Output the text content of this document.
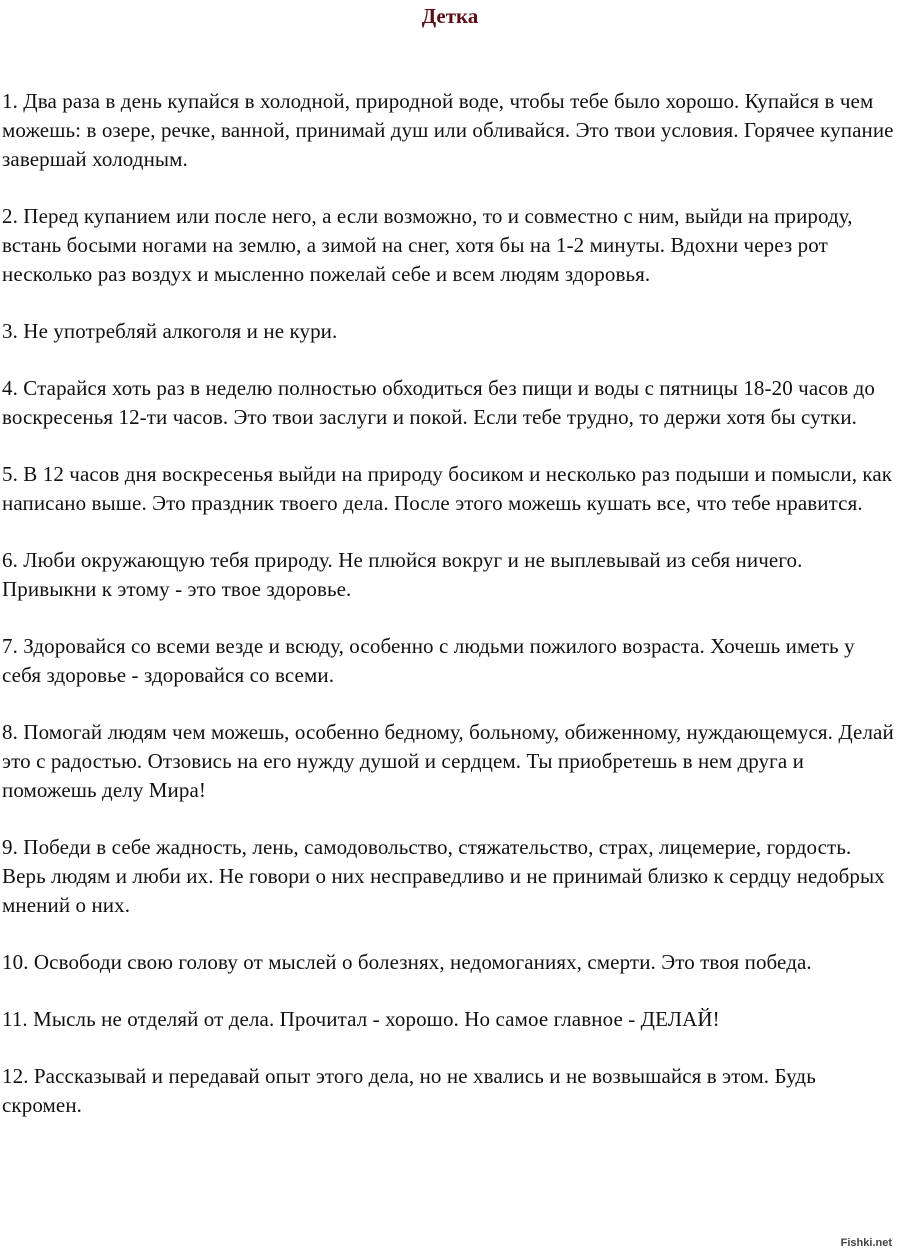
Детка

1. Два раза в день купайся в холодной, природной воде, чтобы тебе было хорошо. Купайся в чем можешь: в озере, речке, ванной, принимай душ или обливайся. Это твои условия. Горячее купание завершай холодным.

2. Перед купанием или после него, а если возможно, то и совместно с ним, выйди на природу, встань босыми ногами на землю, а зимой на снег, хотя бы на 1-2 минуты. Вдохни через рот несколько раз воздух и мысленно пожелай себе и всем людям здоровья.

3. Не употребляй алкоголя и не кури.

4. Старайся хоть раз в неделю полностью обходиться без пищи и воды с пятницы 18-20 часов до воскресенья 12-ти часов. Это твои заслуги и покой. Если тебе трудно, то держи хотя бы сутки.

5. В 12 часов дня воскресенья выйди на природу босиком и несколько раз подыши и помысли, как написано выше. Это праздник твоего дела. После этого можешь кушать все, что тебе нравится.

6. Люби окружающую тебя природу. Не плюйся вокруг и не выплевывай из себя ничего. Привыкни к этому - это твое здоровье.

7. Здоровайся со всеми везде и всюду, особенно с людьми пожилого возраста. Хочешь иметь у себя здоровье - здоровайся со всеми.

8. Помогай людям чем можешь, особенно бедному, больному, обиженному, нуждающемуся. Делай это с радостью. Отзовись на его нужду душой и сердцем. Ты приобретешь в нем друга и поможешь делу Мира!

9. Победи в себе жадность, лень, самодовольство, стяжательство, страх, лицемерие, гордость. Верь людям и люби их. Не говори о них несправедливо и не принимай близко к сердцу недобрых мнений о них.

10. Освободи свою голову от мыслей о болезнях, недомоганиях, смерти. Это твоя победа.

11. Мысль не отделяй от дела. Прочитал - хорошо. Но самое главное - ДЕЛАЙ!

12. Рассказывай и передавай опыт этого дела, но не хвались и не возвышайся в этом. Будь скромен.

Fishki.net
